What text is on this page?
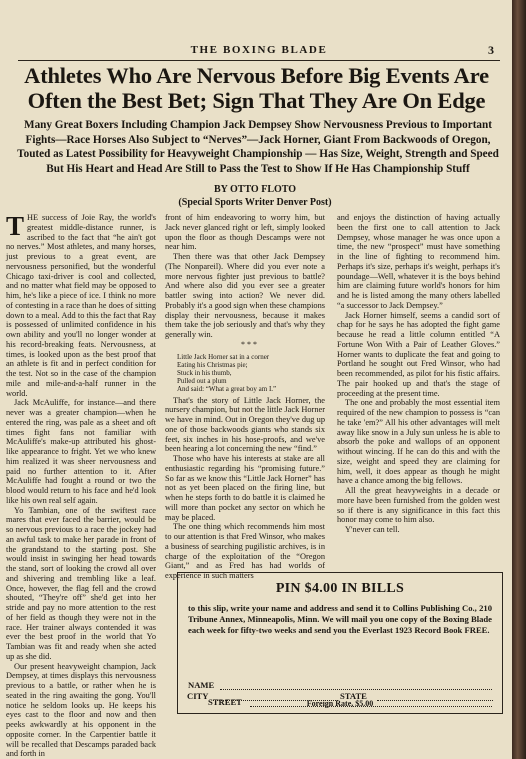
THE BOXING BLADE	3
Athletes Who Are Nervous Before Big Events Are Often the Best Bet; Sign That They Are On Edge
Many Great Boxers Including Champion Jack Dempsey Show Nervousness Previous to Important Fights—Race Horses Also Subject to “Nerves”—Jack Horner, Giant From Backwoods of Oregon, Touted as Latest Possibility for Heavyweight Championship — Has Size, Weight, Strength and Speed But His Heart and Head Are Still to Pass the Test to Show If He Has Championship Stuff
BY OTTO FLOTO
(Special Sports Writer Denver Post)

THE success of Joie Ray, the world's greatest middle-distance runner, is ascribed to the fact that “he ain't got no nerves.” Most athletes, and many horses, just previous to a great event, are nervousness personified, but the wonderful Chicago taxi-driver is cool and collected, and no matter what field may be opposed to him, he's like a piece of ice. I think no more of contesting in a race than he does of sitting down to a meal. Add to this the fact that Ray is possessed of unlimited confidence in his own ability and you'll no longer wonder at his record-breaking feats. Nervousness, at times, is looked upon as the best proof that an athlete is fit and in perfect condition for the test. Not so in the case of the champion mile and mile-and-a-half runner in the world.

Jack McAuliffe, for instance—and there never was a greater champion—when he entered the ring, was pale as a sheet and oft times fight fans not familiar with McAuliffe's make-up attributed his ghost-like appearance to fright. Yet we who knew him realized it was sheer nervousness and paid no further attention to it. After McAuliffe had fought a round or two the blood would return to his face and he'd look like his own real self again.

Yo Tambian, one of the swiftest race mares that ever faced the barrier, would be so nervous previous to a race the jockey had an awful task to make her parade in front of the grandstand to the starting post. She would insist in swinging her head towards the stand, sort of looking the crowd all over and shivering and trembling like a leaf. Once, however, the flag fell and the crowd shouted, “They're off” she'd get into her stride and pay no more attention to the rest of her field as though they were not in the race. Her trainer always contended it was ever the best proof in the world that Yo Tambian was fit and ready when she acted up as she did.

Our present heavyweight champion, Jack Dempsey, at times displays this nervousness previous to a battle, or rather when he is seated in the ring awaiting the gong. You'll notice he seldom looks up. He keeps his eyes cast to the floor and now and then peeks awkwardly at his opponent in the opposite corner. In the Carpentier battle it will be recalled that Descamps paraded back and forth in

front of him endeavoring to worry him, but Jack never glanced right or left, simply looked upon the floor as though Descamps were not near him.

Then there was that other Jack Dempsey (The Nonpareil). Where did you ever note a more nervous fighter just previous to battle? And where also did you ever see a greater battler swing into action? We never did. Probably it's a good sign when these champions display their nervousness, because it makes them take the job seriously and that's why they generally win.

* * *

Little Jack Horner sat in a corner
Eating his Christmas pie;
Stuck in his thumb,
Pulled out a plum
And said: “What a great boy am I.”

That's the story of Little Jack Horner, the nursery champion, but not the little Jack Horner we have in mind. Out in Oregon they've dug up one of those backwoods giants who stands six feet, six inches in his hose-proofs, and we've been hearing a lot concerning the new “find.”

Those who have his interests at stake are all enthusiastic regarding his “promising future.” So far as we know this “Little Jack Horner” has not as yet been placed on the firing line, but when he steps forth to do battle it is claimed he will more than pocket any sector on which he may be placed.

The one thing which recommends him most to our attention is that Fred Winsor, who makes a business of searching pugilistic archives, is in charge of the exploitation of the “Oregon Giant,” and as Fred has had worlds of experience in such matters

and enjoys the distinction of having actually been the first one to call attention to Jack Dempsey, whose manager he was once upon a time, the new “prospect” must have something in the line of fighting to recommend him. Perhaps it's size, perhaps it's weight, perhaps it's poundage—Well, whatever it is the boys behind him are claiming future world's honors for him and he is listed among the many others labelled “a successor to Jack Dempsey.”

Jack Horner himself, seems a candid sort of chap for he says he has adopted the fight game because he read a little column entitled “A Fortune Won With a Pair of Leather Gloves.” Horner wants to duplicate the feat and going to Portland he sought out Fred Winsor, who had been recommended, as pilot for his fistic affairs. The pair hooked up and that's the stage of proceeding at the present time.

The one and probably the most essential item required of the new champion to possess is “can he take 'em?” All his other advantages will melt away like snow in a July sun unless he is able to absorb the poke and wallops of an opponent without wincing. If he can do this and with the size, weight and speed they are claiming for him, well, it does appear as though he might have a chance among the big fellows.

All the great heavyweights in a decade or more have been furnished from the golden west so if there is any significance in this fact this honor may come to him also.

Y'never can tell.

PIN $4.00 IN BILLS
to this slip, write your name and address and send it to Collins Publishing Co., 210 Tribune Annex, Minneapolis, Minn. We will mail you one copy of the Boxing Blade each week for fifty-two weeks and send you the Everlast 1923 Record Book FREE.
NAME
STREET	Foreign Rate, $5.00
CITY	STATE
